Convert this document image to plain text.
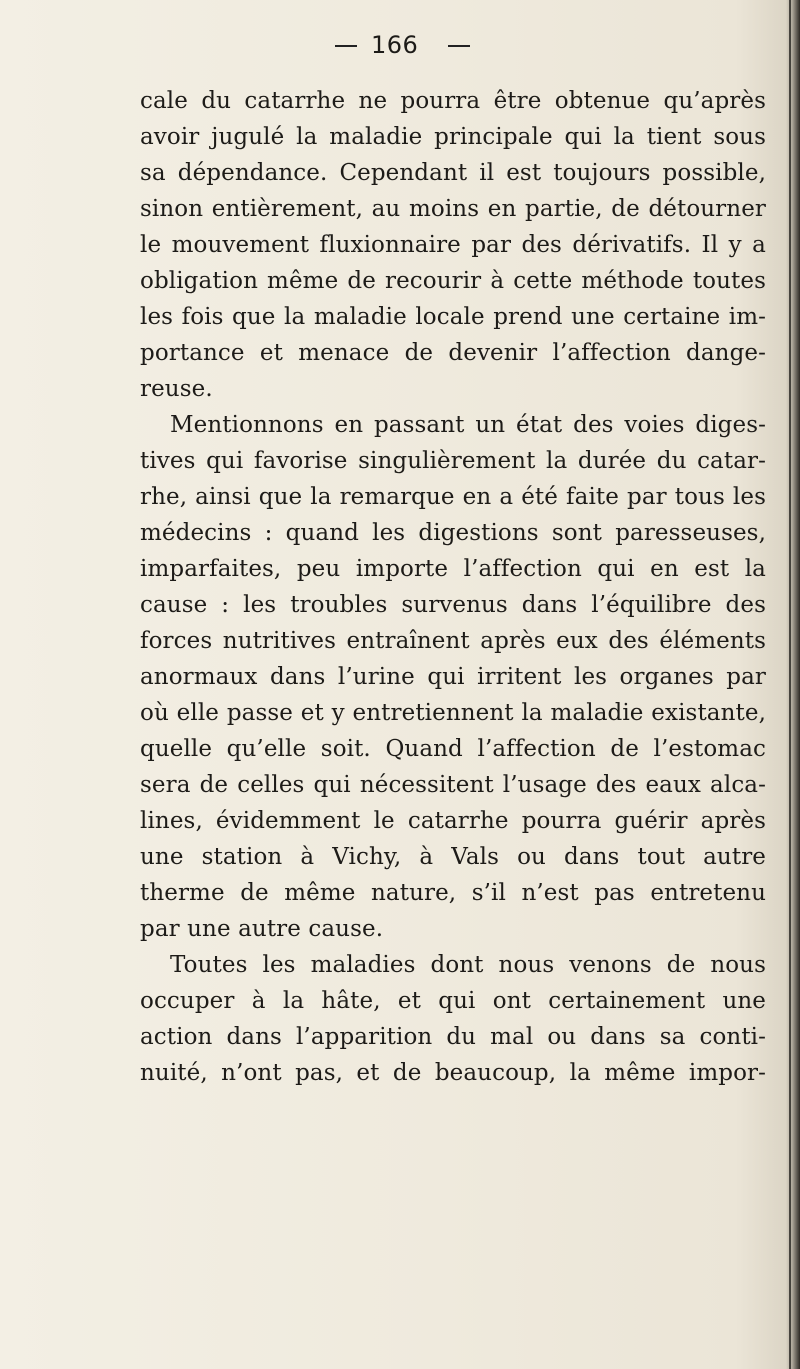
166
cale du catarrhe ne pourra être obtenue qu’après
avoir jugulé la maladie principale qui la tient sous
sa dépendance. Cependant il est toujours possible,
sinon entièrement, au moins en partie, de détourner
le mouvement fluxionnaire par des dérivatifs. Il y a
obligation même de recourir à cette méthode toutes
les fois que la maladie locale prend une certaine im-
portance et menace de devenir l’affection dange-
reuse.
Mentionnons en passant un état des voies diges-
tives qui favorise singulièrement la durée du catar-
rhe, ainsi que la remarque en a été faite par tous les
médecins : quand les digestions sont paresseuses,
imparfaites, peu importe l’affection qui en est la
cause : les troubles survenus dans l’équilibre des
forces nutritives entraînent après eux des éléments
anormaux dans l’urine qui irritent les organes par
où elle passe et y entretiennent la maladie existante,
quelle qu’elle soit. Quand l’affection de l’estomac
sera de celles qui nécessitent l’usage des eaux alca-
lines, évidemment le catarrhe pourra guérir après
une station à Vichy, à Vals ou dans tout autre
therme de même nature, s’il n’est pas entretenu
par une autre cause.
Toutes les maladies dont nous venons de nous
occuper à la hâte, et qui ont certainement une
action dans l’apparition du mal ou dans sa conti-
nuité, n’ont pas, et de beaucoup, la même impor-
